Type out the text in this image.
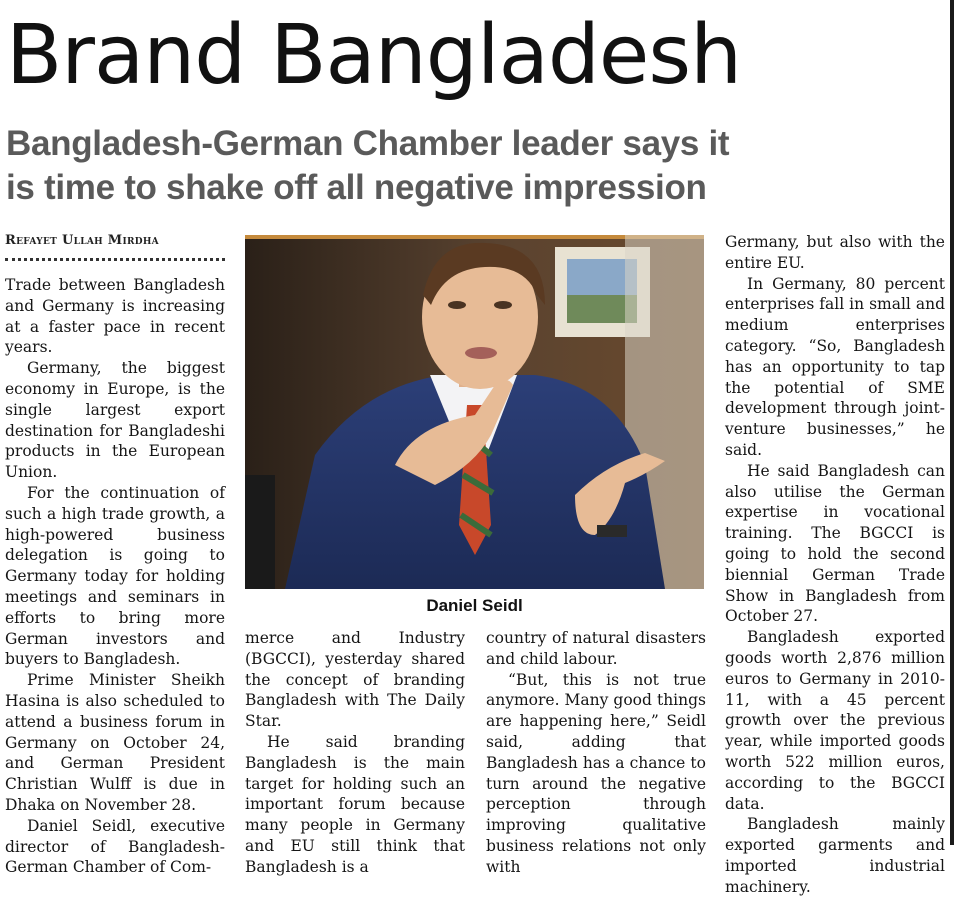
Brand Bangladesh
Bangladesh-German Chamber leader says it is time to shake off all negative impression
Refayet Ullah Mirdha

Trade between Bangladesh and Germany is increasing at a faster pace in recent years.

Germany, the biggest economy in Europe, is the single largest export destination for Bangladeshi products in the European Union.

For the continuation of such a high trade growth, a high-powered business delegation is going to Germany today for holding meetings and seminars in efforts to bring more German investors and buyers to Bangladesh.

Prime Minister Sheikh Hasina is also scheduled to attend a business forum in Germany on October 24, and German President Christian Wulff is due in Dhaka on November 28.

Daniel Seidl, executive director of Bangladesh-German Chamber of Com-

Daniel Seidl

merce and Industry (BGCCI), yesterday shared the concept of branding Bangladesh with The Daily Star.

He said branding Bangladesh is the main target for holding such an important forum because many people in Germany and EU still think that Bangladesh is a

country of natural disasters and child labour.

“But, this is not true anymore. Many good things are happening here,” Seidl said, adding that Bangladesh has a chance to turn around the negative perception through improving qualitative business relations not only with

Germany, but also with the entire EU.

In Germany, 80 percent enterprises fall in small and medium enterprises category. “So, Bangladesh has an opportunity to tap the potential of SME development through joint-venture businesses,” he said.

He said Bangladesh can also utilise the German expertise in vocational training. The BGCCI is going to hold the second biennial German Trade Show in Bangladesh from October 27.

Bangladesh exported goods worth 2,876 million euros to Germany in 2010-11, with a 45 percent growth over the previous year, while imported goods worth 522 million euros, according to the BGCCI data.

Bangladesh mainly exported garments and imported industrial machinery.
